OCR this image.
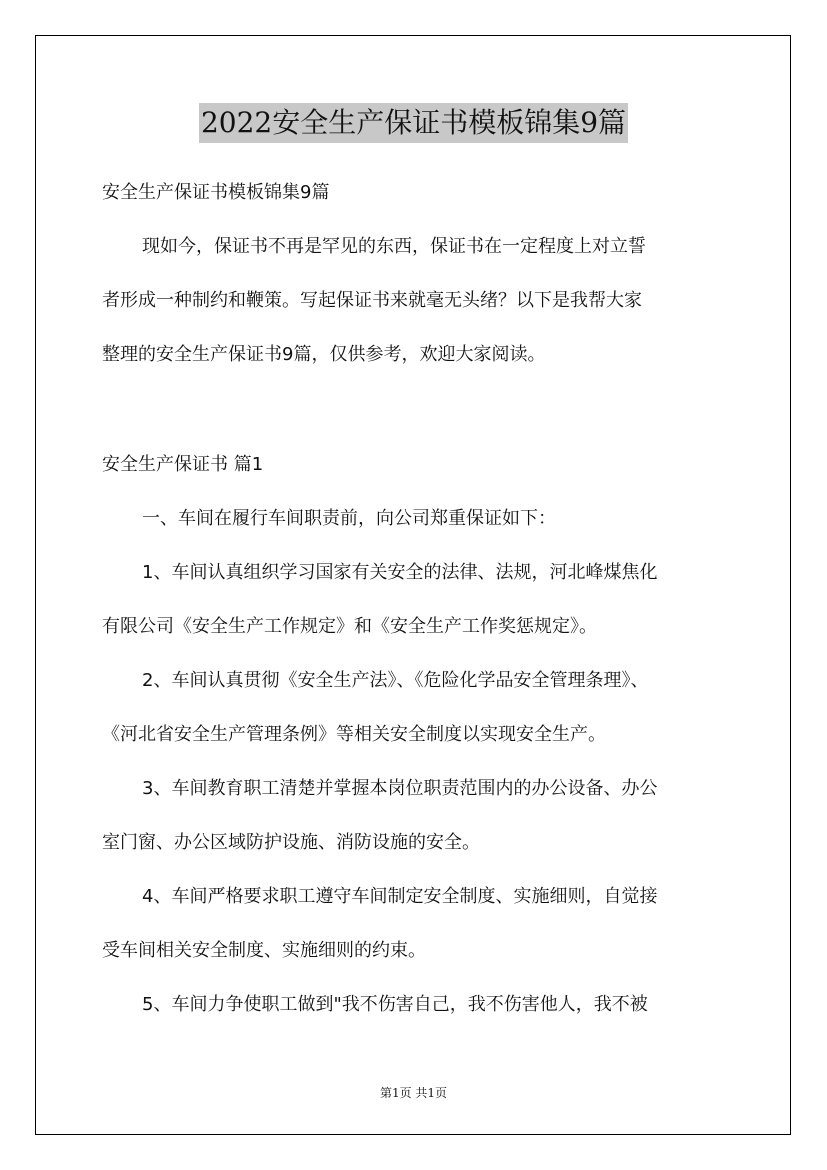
2022安全生产保证书模板锦集9篇
安全生产保证书模板锦集9篇
现如今，保证书不再是罕见的东西，保证书在一定程度上对立誓
者形成一种制约和鞭策。写起保证书来就毫无头绪？以下是我帮大家
整理的安全生产保证书9篇，仅供参考，欢迎大家阅读。
安全生产保证书 篇1
一、车间在履行车间职责前，向公司郑重保证如下：
1、车间认真组织学习国家有关安全的法律、法规，河北峰煤焦化
有限公司《安全生产工作规定》和《安全生产工作奖惩规定》。
2、车间认真贯彻《安全生产法》、《危险化学品安全管理条理》、
《河北省安全生产管理条例》等相关安全制度以实现安全生产。
3、车间教育职工清楚并掌握本岗位职责范围内的办公设备、办公
室门窗、办公区域防护设施、消防设施的安全。
4、车间严格要求职工遵守车间制定安全制度、实施细则，自觉接
受车间相关安全制度、实施细则的约束。
5、车间力争使职工做到"我不伤害自己，我不伤害他人，我不被
第1页 共1页
